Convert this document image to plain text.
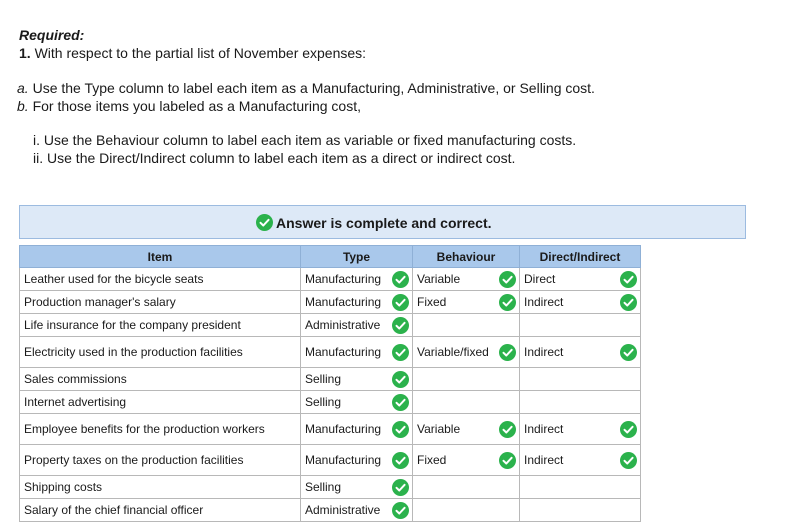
Required:
1. With respect to the partial list of November expenses:
a. Use the Type column to label each item as a Manufacturing, Administrative, or Selling cost.
b. For those items you labeled as a Manufacturing cost,
i. Use the Behaviour column to label each item as variable or fixed manufacturing costs.
ii. Use the Direct/Indirect column to label each item as a direct or indirect cost.
Answer is complete and correct.
Item	Type	Behaviour	Direct/Indirect

Leather used for the bicycle seats	Manufacturing	Variable	Direct

Production manager's salary	Manufacturing	Fixed	Indirect

Life insurance for the company president	Administrative		

Electricity used in the production facilities	Manufacturing	Variable/fixed	Indirect

Sales commissions	Selling		

Internet advertising	Selling		

Employee benefits for the production workers	Manufacturing	Variable	Indirect

Property taxes on the production facilities	Manufacturing	Fixed	Indirect

Shipping costs	Selling		

Salary of the chief financial officer	Administrative		
